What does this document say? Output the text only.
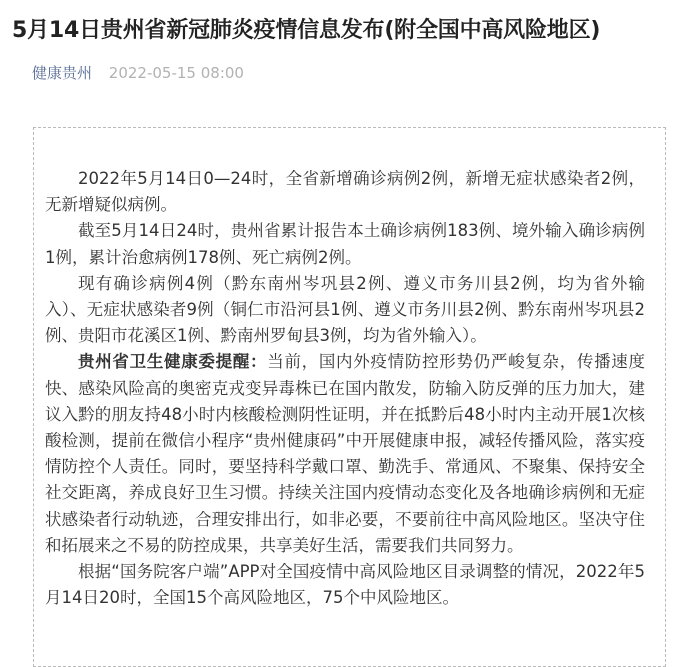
5月14日贵州省新冠肺炎疫情信息发布(附全国中高风险地区)
健康贵州 2022-05-15 08:00

2022年5月14日0—24时，全省新增确诊病例2例，新增无症状感染者2例，无新增疑似病例。

截至5月14日24时，贵州省累计报告本土确诊病例183例、境外输入确诊病例1例，累计治愈病例178例、死亡病例2例。

现有确诊病例4例（黔东南州岑巩县2例、遵义市务川县2例，均为省外输入）、无症状感染者9例（铜仁市沿河县1例、遵义市务川县2例、黔东南州岑巩县2例、贵阳市花溪区1例、黔南州罗甸县3例，均为省外输入）。

贵州省卫生健康委提醒：当前，国内外疫情防控形势仍严峻复杂，传播速度快、感染风险高的奥密克戎变异毒株已在国内散发，防输入防反弹的压力加大，建议入黔的朋友持48小时内核酸检测阴性证明，并在抵黔后48小时内主动开展1次核酸检测，提前在微信小程序“贵州健康码”中开展健康申报，减轻传播风险，落实疫情防控个人责任。同时，要坚持科学戴口罩、勤洗手、常通风、不聚集、保持安全社交距离，养成良好卫生习惯。持续关注国内疫情动态变化及各地确诊病例和无症状感染者行动轨迹，合理安排出行，如非必要，不要前往中高风险地区。坚决守住和拓展来之不易的防控成果，共享美好生活，需要我们共同努力。

根据“国务院客户端”APP对全国疫情中高风险地区目录调整的情况，2022年5月14日20时，全国15个高风险地区，75个中风险地区。
